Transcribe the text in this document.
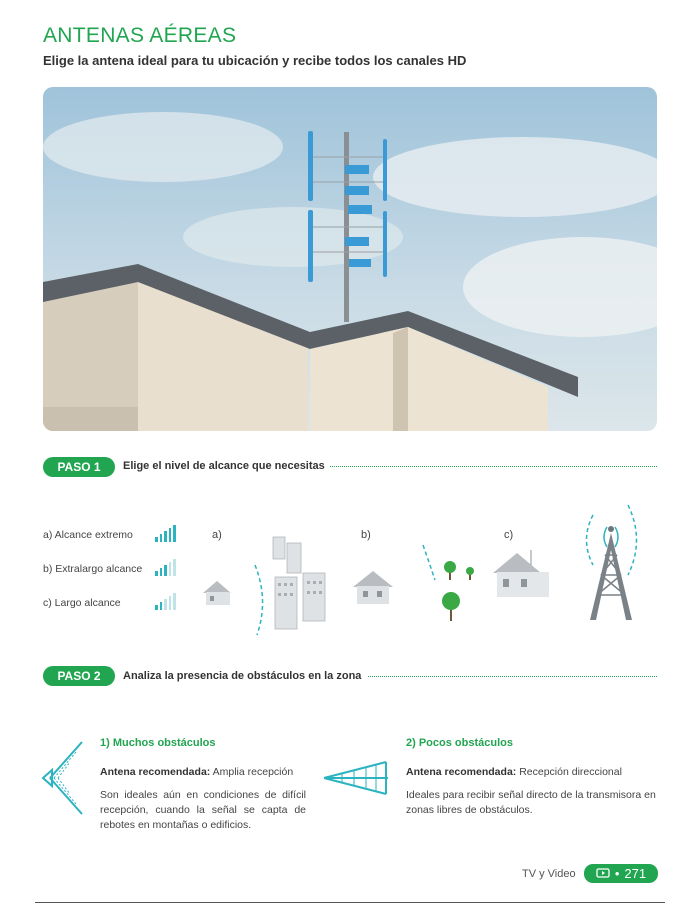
ANTENAS AÉREAS
Elige la antena ideal para tu ubicación y recibe todos los canales HD
PASO 1	Elige el nivel de alcance que necesitas
a) Alcance extremo
b) Extralargo alcance
c) Largo alcance
a)	b)	c)
PASO 2	Analiza la presencia de obstáculos en la zona
1) Muchos obstáculos
Antena recomendada: Amplia recepción
Son ideales aún en condiciones de difícil recepción, cuando la señal se capta de rebotes en montañas o edificios.
2) Pocos obstáculos
Antena recomendada: Recepción direccional
Ideales para recibir señal directo de la transmisora en zonas libres de obstáculos.
TV y Video	• 271
